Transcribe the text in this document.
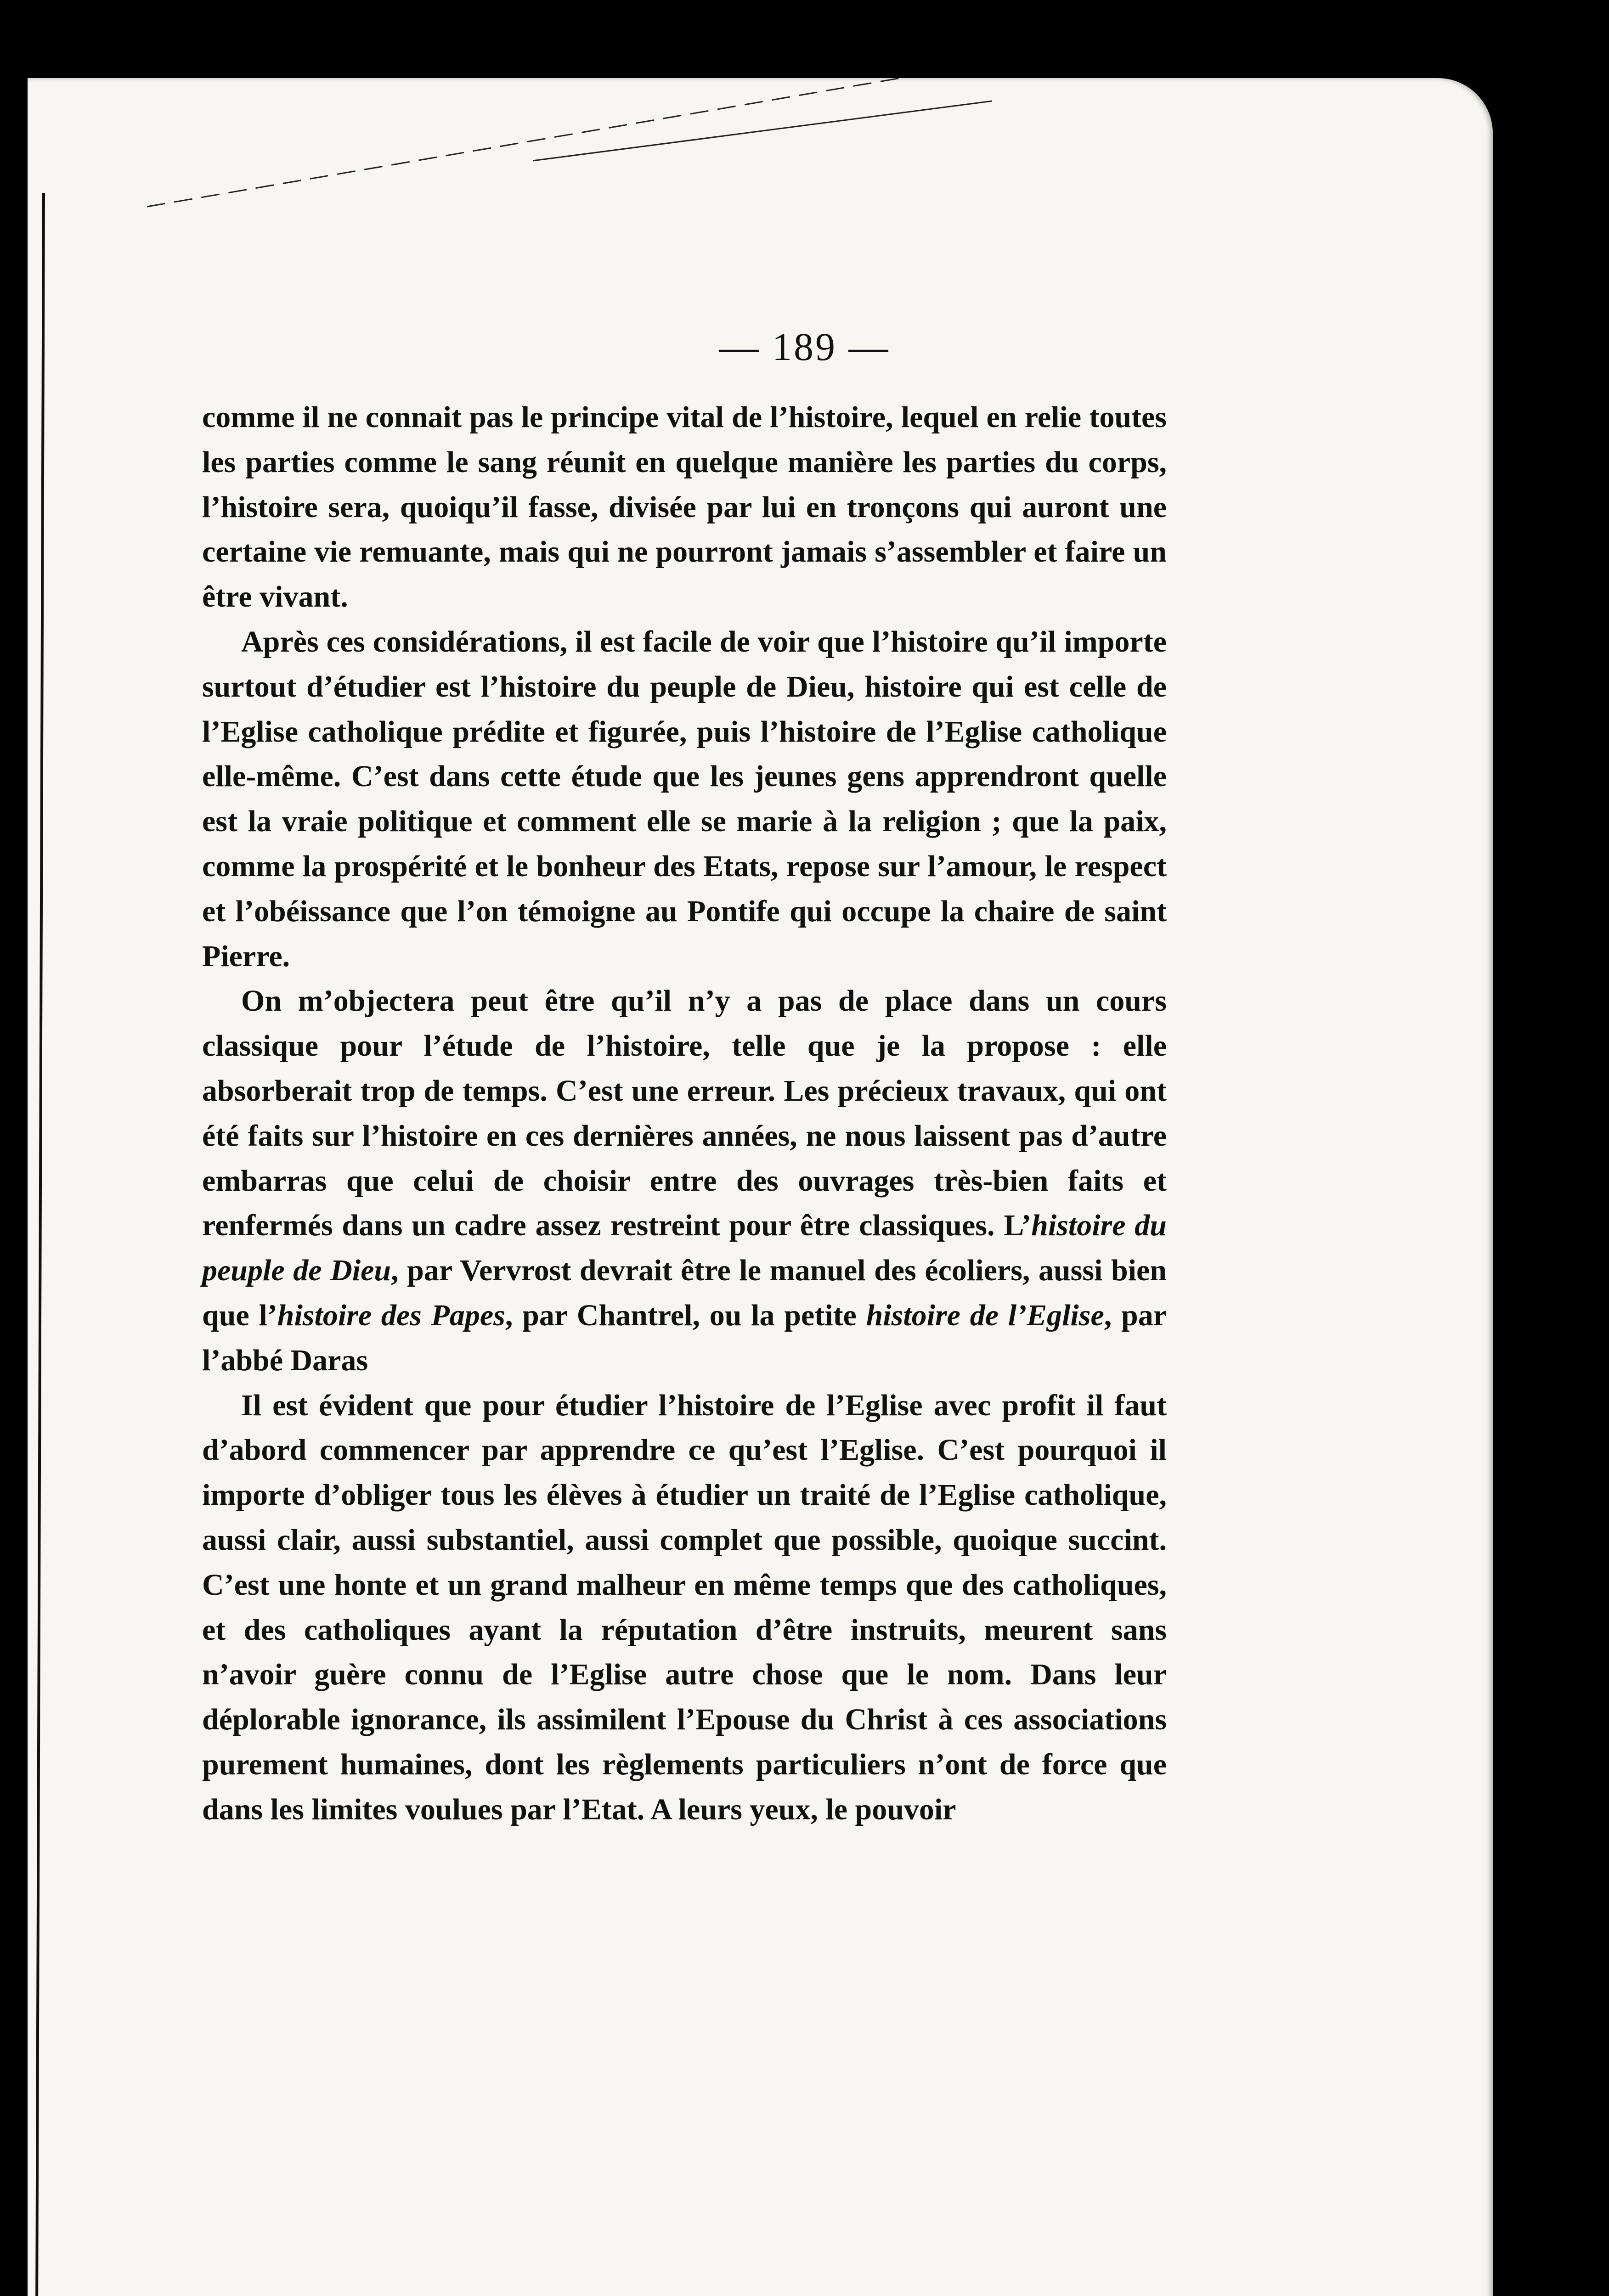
— 189 —

comme il ne connait pas le principe vital de l’histoire, lequel en relie toutes les parties comme le sang réunit en quelque manière les parties du corps, l’histoire sera, quoiqu’il fasse, divisée par lui en tronçons qui auront une certaine vie remuante, mais qui ne pourront jamais s’assembler et faire un être vivant.

Après ces considérations, il est facile de voir que l’histoire qu’il importe surtout d’étudier est l’histoire du peuple de Dieu, histoire qui est celle de l’Eglise catholique prédite et figurée, puis l’histoire de l’Eglise catholique elle-même. C’est dans cette étude que les jeunes gens apprendront quelle est la vraie politique et comment elle se marie à la religion ; que la paix, comme la prospérité et le bonheur des Etats, repose sur l’amour, le respect et l’obéissance que l’on témoigne au Pontife qui occupe la chaire de saint Pierre.

On m’objectera peut être qu’il n’y a pas de place dans un cours classique pour l’étude de l’histoire, telle que je la propose : elle absorberait trop de temps. C’est une erreur. Les précieux travaux, qui ont été faits sur l’histoire en ces dernières années, ne nous laissent pas d’autre embarras que celui de choisir entre des ouvrages très-bien faits et renfermés dans un cadre assez restreint pour être classiques. L’histoire du peuple de Dieu, par Vervrost devrait être le manuel des écoliers, aussi bien que l’histoire des Papes, par Chantrel, ou la petite histoire de l’Eglise, par l’abbé Daras

Il est évident que pour étudier l’histoire de l’Eglise avec profit il faut d’abord commencer par apprendre ce qu’est l’Eglise. C’est pourquoi il importe d’obliger tous les élèves à étudier un traité de l’Eglise catholique, aussi clair, aussi substantiel, aussi complet que possible, quoique succint. C’est une honte et un grand malheur en même temps que des catholiques, et des catholiques ayant la réputation d’être instruits, meurent sans n’avoir guère connu de l’Eglise autre chose que le nom. Dans leur déplorable ignorance, ils assimilent l’Epouse du Christ à ces associations purement humaines, dont les règlements particuliers n’ont de force que dans les limites voulues par l’Etat. A leurs yeux, le pouvoir
